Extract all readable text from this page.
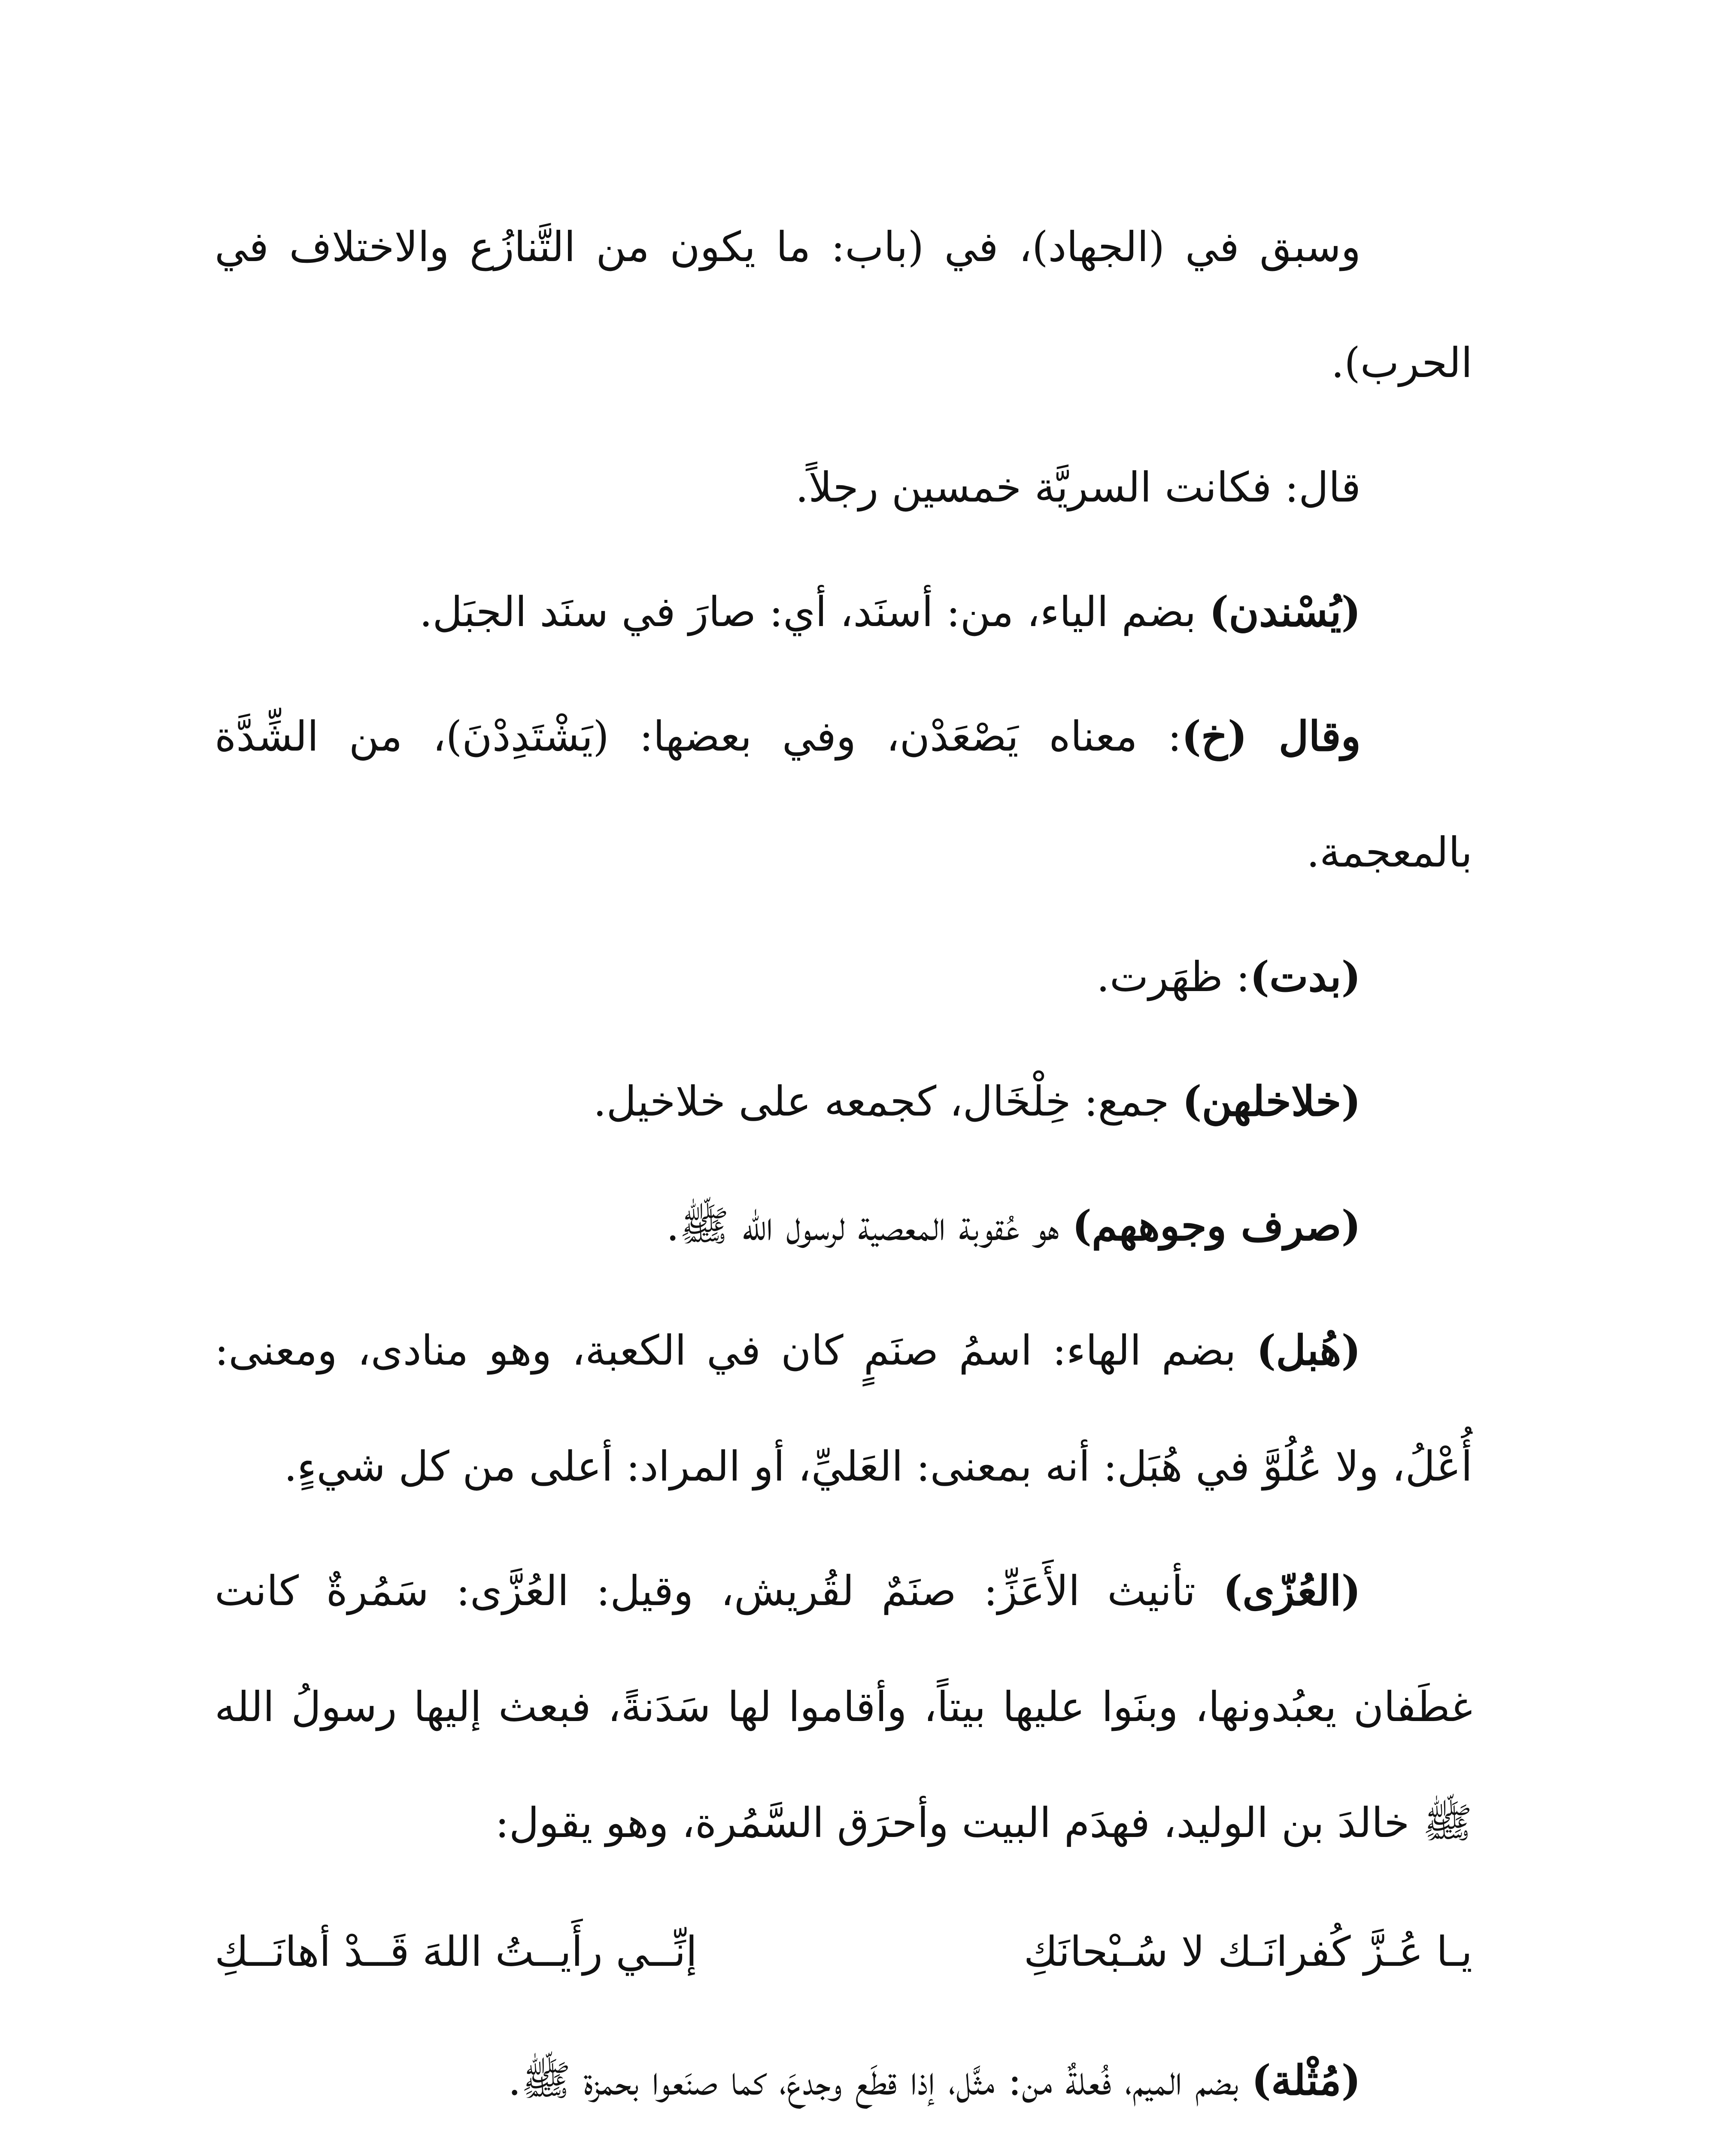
وسبق في (الجهاد)، في (باب: ما يكون من التَّنازُع والاختلاف في الحرب).

قال: فكانت السريَّة خمسين رجلاً.

(يُسْندن) بضم الياء، من: أسنَد، أي: صارَ في سنَد الجبَل.

وقال (خ): معناه يَصْعَدْن، وفي بعضها: (يَشْتَدِدْنَ)، من الشِّدَّة بالمعجمة.

(بدت): ظهَرت.

(خلاخلهن) جمع: خِلْخَال، كجمعه على خلاخيل.

(صرف وجوههم) هو عُقوبة المعصية لرسول الله ﷺ.

(هُبل) بضم الهاء: اسمُ صنَمٍ كان في الكعبة، وهو منادى، ومعنى: أُعْلُ، ولا عُلُوَّ في هُبَل: أنه بمعنى: العَليِّ، أو المراد: أعلى من كل شيءٍ.

(العُزّى) تأنيث الأَعَزِّ: صنَمٌ لقُريش، وقيل: العُزَّى: سَمُرةٌ كانت غطَفان يعبُدونها، وبنَوا عليها بيتاً، وأقاموا لها سَدَنةً، فبعث إليها رسولُ الله ﷺ خالدَ بن الوليد، فهدَم البيت وأحرَق السَّمُرة، وهو يقول:

يـا عُـزَّ كُفرانَـك لا سُـبْحانَكِ
إنِّــي رأَيــتُ اللهَ قَــدْ أهانَــكِ

(مُثْلة) بضم الميم، فُعلةٌ من: مثَّل، إذا قطَع وجدعَ، كما صنَعوا بحمزة ﷺ.
